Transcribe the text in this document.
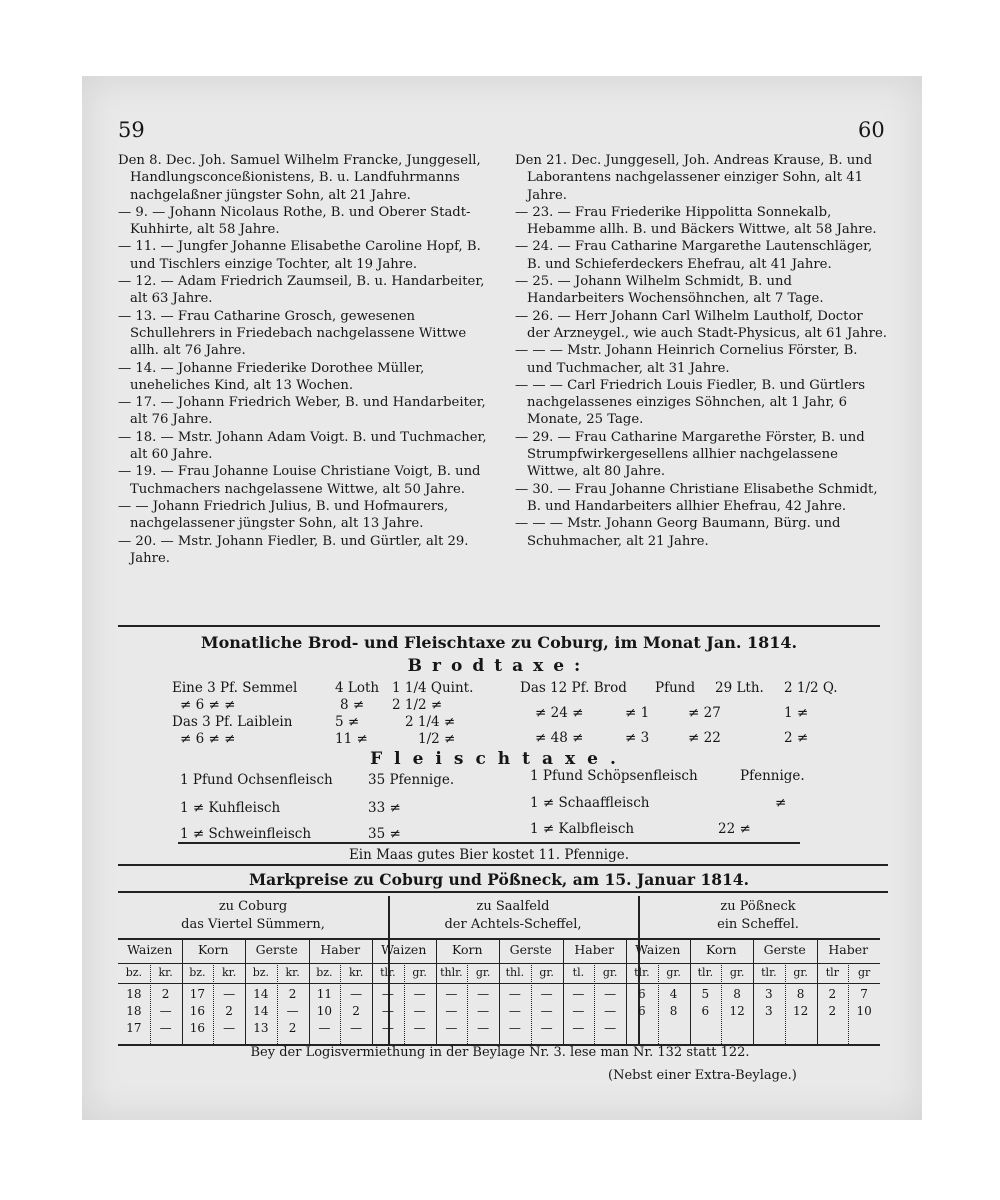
59	60

Den 8. Dec. Joh. Samuel Wilhelm Francke, Junggesell, Handlungsconceßionistens, B. u. Landfuhrmanns nachgelaßner jüngster Sohn, alt 21 Jahre.

— 9. — Johann Nicolaus Rothe, B. und Oberer Stadt-Kuhhirte, alt 58 Jahre.

— 11. — Jungfer Johanne Elisabethe Caroline Hopf, B. und Tischlers einzige Tochter, alt 19 Jahre.

— 12. — Adam Friedrich Zaumseil, B. u. Handarbeiter, alt 63 Jahre.

— 13. — Frau Catharine Grosch, gewesenen Schullehrers in Friedebach nachgelassene Wittwe allh. alt 76 Jahre.

— 14. — Johanne Friederike Dorothee Müller, uneheliches Kind, alt 13 Wochen.

— 17. — Johann Friedrich Weber, B. und Handarbeiter, alt 76 Jahre.

— 18. — Mstr. Johann Adam Voigt. B. und Tuchmacher, alt 60 Jahre.

— 19. — Frau Johanne Louise Christiane Voigt, B. und Tuchmachers nachgelassene Wittwe, alt 50 Jahre.

— — Johann Friedrich Julius, B. und Hofmaurers, nachgelassener jüngster Sohn, alt 13 Jahre.

— 20. — Mstr. Johann Fiedler, B. und Gürtler, alt 29. Jahre.

Den 21. Dec. Junggesell, Joh. Andreas Krause, B. und Laborantens nachgelassener einziger Sohn, alt 41 Jahre.

— 23. — Frau Friederike Hippolitta Sonnekalb, Hebamme allh. B. und Bäckers Wittwe, alt 58 Jahre.

— 24. — Frau Catharine Margarethe Lautenschläger, B. und Schieferdeckers Ehefrau, alt 41 Jahre.

— 25. — Johann Wilhelm Schmidt, B. und Handarbeiters Wochensöhnchen, alt 7 Tage.

— 26. — Herr Johann Carl Wilhelm Lautholf, Doctor der Arzneygel., wie auch Stadt-Physicus, alt 61 Jahre.

— — — Mstr. Johann Heinrich Cornelius Förster, B. und Tuchmacher, alt 31 Jahre.

— — — Carl Friedrich Louis Fiedler, B. und Gürtlers nachgelassenes einziges Söhnchen, alt 1 Jahr, 6 Monate, 25 Tage.

— 29. — Frau Catharine Margarethe Förster, B. und Strumpfwirkergesellens allhier nachgelassene Wittwe, alt 80 Jahre.

— 30. — Frau Johanne Christiane Elisabethe Schmidt, B. und Handarbeiters allhier Ehefrau, 42 Jahre.

— — — Mstr. Johann Georg Baumann, Bürg. und Schuhmacher, alt 21 Jahre.

Monatliche Brod- und Fleischtaxe zu Coburg, im Monat Jan. 1814.
Brodtaxe:
Eine 3 Pf. Semmel	4 Loth 1 1/4 Quint.
≠ 6 ≠ ≠	8 ≠ 2 1/2 ≠
Das 3 Pf. Laiblein	5 ≠	2 1/4 ≠
≠ 6 ≠ ≠	11 ≠	1/2 ≠
Das 12 Pf. Brod Pfund 29 Lth. 2 1/2 Q.
≠ 24 ≠	≠ 1	≠ 27	1 ≠
≠ 48 ≠	≠ 3	≠ 22	2 ≠
Fleischtaxe.
1 Pfund Ochsenfleisch	35 Pfennige.
1 ≠ Kuhfleisch	33 ≠
1 ≠ Schweinfleisch	35 ≠
1 Pfund Schöpsenfleisch	Pfennige.
1 ≠ Schaaffleisch	≠
1 ≠ Kalbfleisch	22 ≠
Ein Maas gutes Bier kostet 11. Pfennige.
Markpreise zu Coburg und Pößneck, am 15. Januar 1814.
zu Coburg
das Viertel Sümmern,
zu Saalfeld
der Achtels-Scheffel,
zu Pößneck
ein Scheffel.
Waizen	Korn	Gerste	Haber	Waizen	Korn	Gerste	Haber	Waizen	Korn	Gerste	Haber
bz.	kr.	bz.	kr.	bz.	kr.	bz.	kr.	tlr.	gr.	thlr.	gr.	thl.	gr.	tl.	gr.	tlr.	gr.	tlr.	gr.	tlr.	gr.	tlr	gr
18	2	17	—	14	2	11	—	—	—	—	—	—	—	—	—	6	4	5	8	3	8	2	7
18	—	16	2	14	—	10	2	—	—	—	—	—	—	—	—	6	8	6	12	3	12	2	10
17	—	16	—	13	2	—	—	—	—	—	—	—	—	—	—
Bey der Logisvermiethung in der Beylage Nr. 3. lese man Nr. 132 statt 122.
(Nebst einer Extra-Beylage.)
